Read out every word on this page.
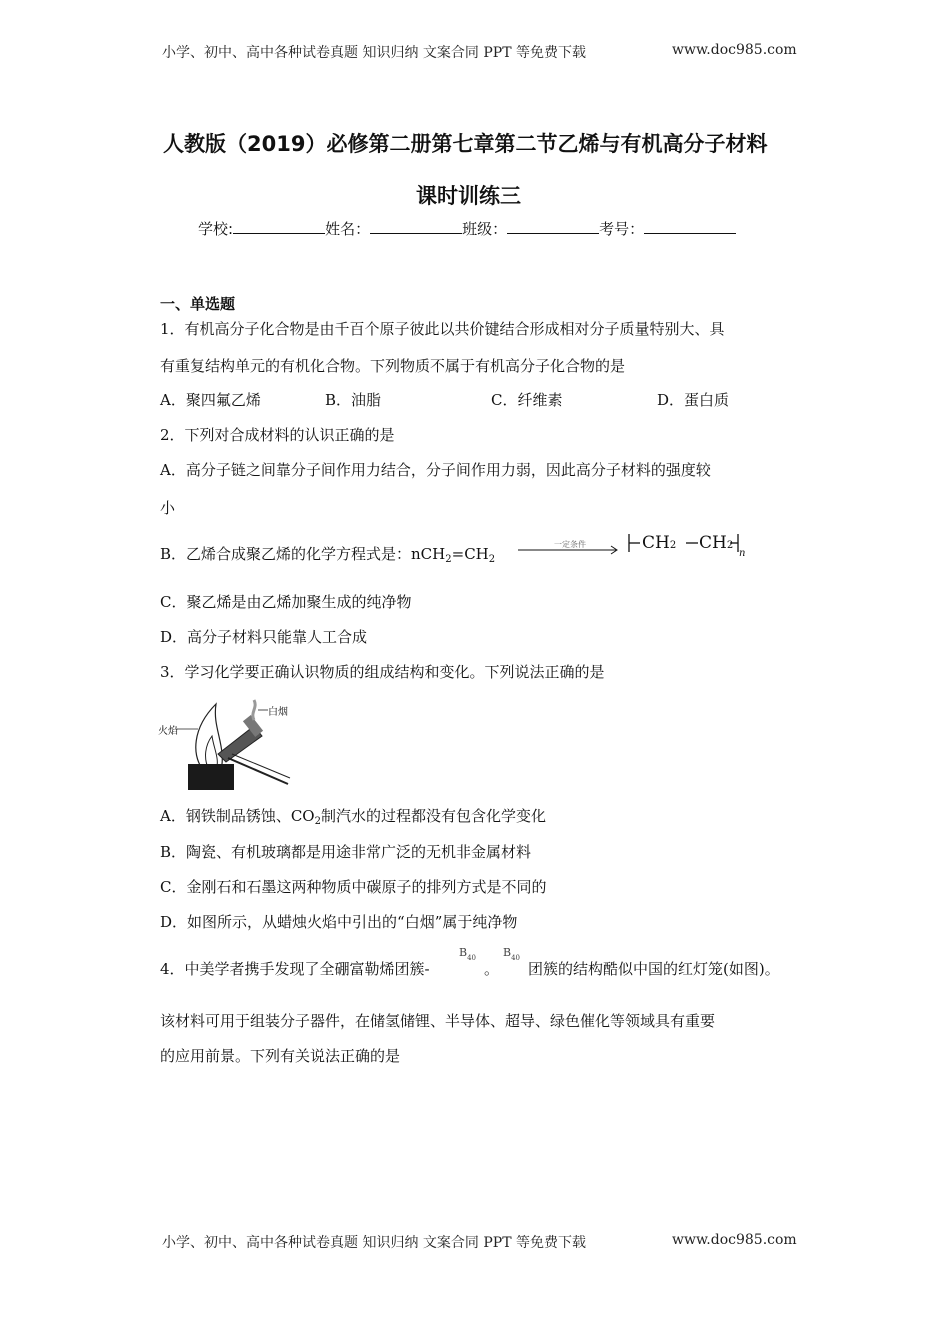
小学、初中、高中各种试卷真题 知识归纳 文案合同 PPT 等免费下载	www.doc985.com
人教版（2019）必修第二册第七章第二节乙烯与有机高分子材料
课时训练三
学校:	姓名：	班级：	考号：
一、单选题
1．有机高分子化合物是由千百个原子彼此以共价键结合形成相对分子质量特别大、具
有重复结构单元的有机化合物。下列物质不属于有机高分子化合物的是
A．聚四氟乙烯	B．油脂	C．纤维素	D．蛋白质
2．下列对合成材料的认识正确的是
A．高分子链之间靠分子间作用力结合，分子间作用力弱，因此高分子材料的强度较
小
B．乙烯合成聚乙烯的化学方程式是：$nCH_2=CH_2$
一定条件	CH2 CH2
n
C．聚乙烯是由乙烯加聚生成的纯净物
D．高分子材料只能靠人工合成
3．学习化学要正确认识物质的组成结构和变化。下列说法正确的是
白烟
火焰
A．钢铁制品锈蚀、$CO_2$制汽水的过程都没有包含化学变化
B．陶瓷、有机玻璃都是用途非常广泛的无机非金属材料
C．金刚石和石墨这两种物质中碳原子的排列方式是不同的
D．如图所示，从蜡烛火焰中引出的“白烟”属于纯净物
4．中美学者携手发现了全硼富勒烯团簇-
$B_{40}$
。
$B_{40}$
团簇的结构酷似中国的红灯笼(如图)。
该材料可用于组装分子器件，在储氢储锂、半导体、超导、绿色催化等领域具有重要
的应用前景。下列有关说法正确的是
小学、初中、高中各种试卷真题 知识归纳 文案合同 PPT 等免费下载	www.doc985.com
